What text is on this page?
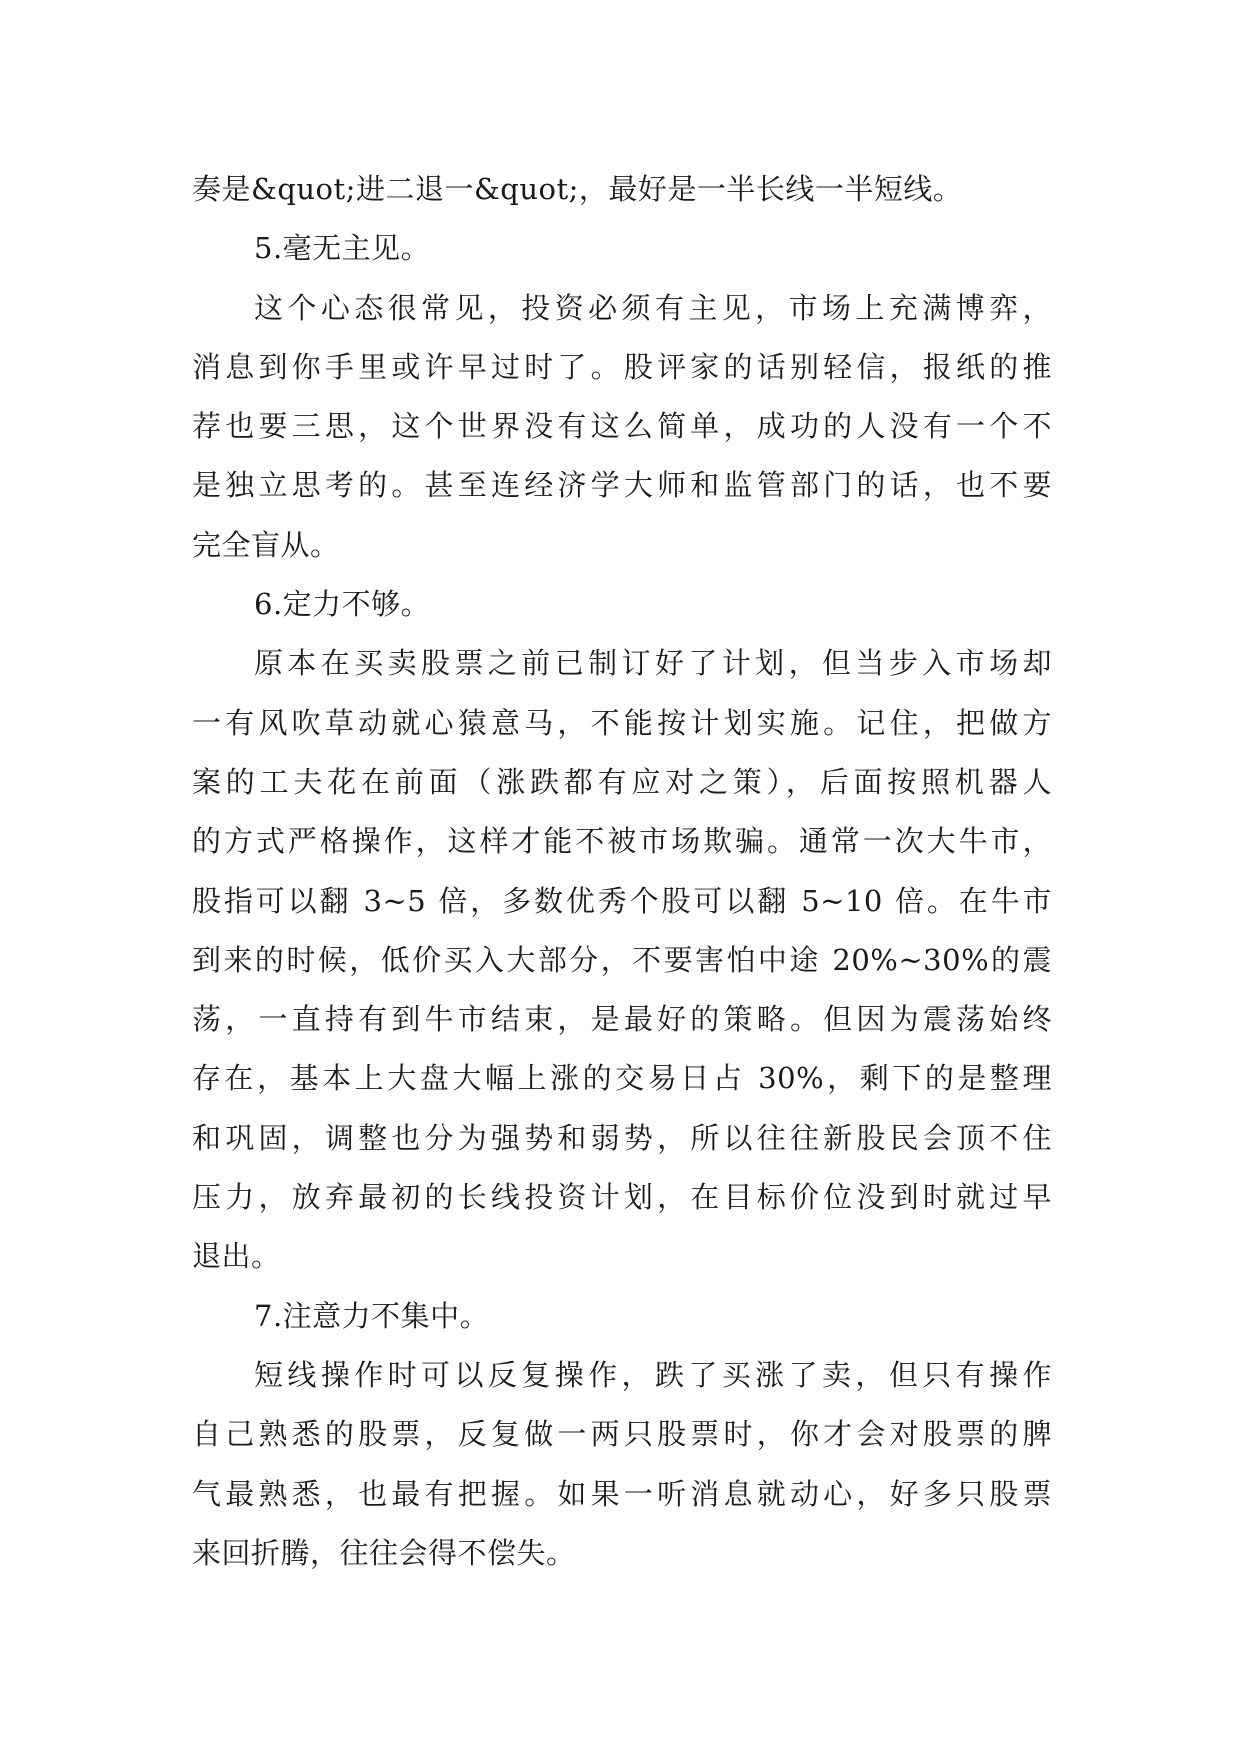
奏是&quot;进二退一&quot;，最好是一半长线一半短线。
5.毫无主见。
这个心态很常见，投资必须有主见，市场上充满博弈，
消息到你手里或许早过时了。股评家的话别轻信，报纸的推
荐也要三思，这个世界没有这么简单，成功的人没有一个不
是独立思考的。甚至连经济学大师和监管部门的话，也不要
完全盲从。
6.定力不够。
原本在买卖股票之前已制订好了计划，但当步入市场却
一有风吹草动就心猿意马，不能按计划实施。记住，把做方
案的工夫花在前面（涨跌都有应对之策），后面按照机器人
的方式严格操作，这样才能不被市场欺骗。通常一次大牛市，
股指可以翻 3~5 倍，多数优秀个股可以翻 5~10 倍。在牛市
到来的时候，低价买入大部分，不要害怕中途 20%~30%的震
荡，一直持有到牛市结束，是最好的策略。但因为震荡始终
存在，基本上大盘大幅上涨的交易日占 30%，剩下的是整理
和巩固，调整也分为强势和弱势，所以往往新股民会顶不住
压力，放弃最初的长线投资计划，在目标价位没到时就过早
退出。
7.注意力不集中。
短线操作时可以反复操作，跌了买涨了卖，但只有操作
自己熟悉的股票，反复做一两只股票时，你才会对股票的脾
气最熟悉，也最有把握。如果一听消息就动心，好多只股票
来回折腾，往往会得不偿失。
